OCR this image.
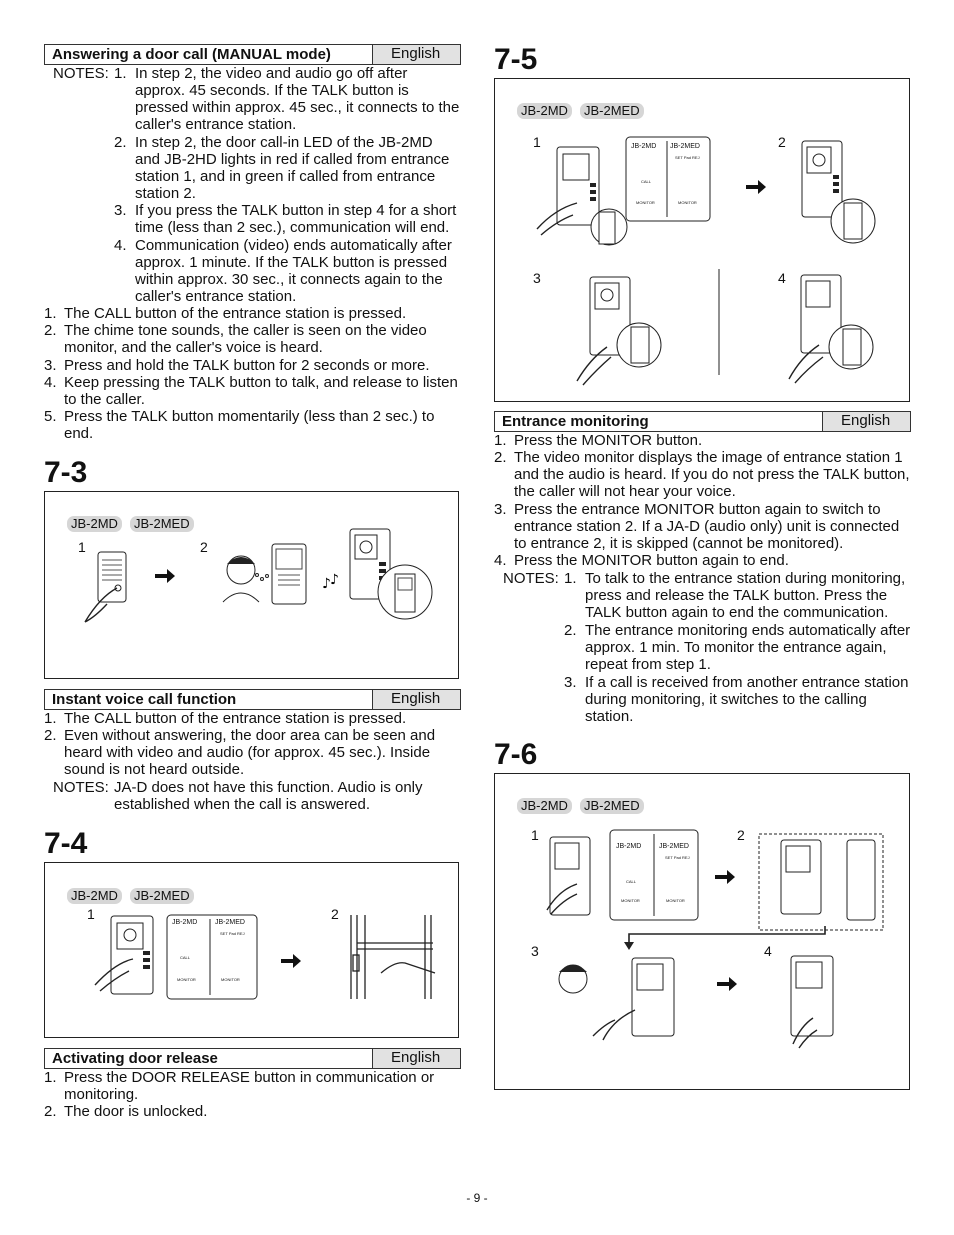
Answering a door call (MANUAL mode)	English
NOTES: 1. In step 2, the video and audio go off after approx. 45 seconds. If the TALK button is pressed within approx. 45 sec., it connects to the caller's entrance station.
2. In step 2, the door call-in LED of the JB-2MD and JB-2HD lights in red if called from entrance station 1, and in green if called from entrance station 2.
3. If you press the TALK button in step 4 for a short time (less than 2 sec.), communication will end.
4. Communication (video) ends automatically after approx. 1 minute. If the TALK button is pressed within approx. 30 sec., it connects again to the caller's entrance station.
1. The CALL button of the entrance station is pressed.
2. The chime tone sounds, the caller is seen on the video monitor, and the caller's voice is heard.
3. Press and hold the TALK button for 2 seconds or more.
4. Keep pressing the TALK button to talk, and release to listen to the caller.
5. Press the TALK button momentarily (less than 2 sec.) to end.
7-3
JB-2MD	JB-2MED
1	2
♪ ♪
Instant voice call function	English
1. The CALL button of the entrance station is pressed.
2. Even without answering, the door area can be seen and heard with video and audio (for approx. 45 sec.). Inside sound is not heard outside.
NOTES: JA-D does not have this function. Audio is only established when the call is answered.
7-4
JB-2MD	JB-2MED
1	2
JB-2MD	JB-2MED
SET Pad REJ
CALL
MONITOR	MONITOR
Activating door release	English
1. Press the DOOR RELEASE button in communication or monitoring.
2. The door is unlocked.
7-5
JB-2MD	JB-2MED
1	2
3	4
JB-2MD JB-2MED
SET Pad REJ
CALL
MONITOR	MONITOR
Entrance monitoring	English
1. Press the MONITOR button.
2. The video monitor displays the image of entrance station 1 and the audio is heard. If you do not press the TALK button, the caller will not hear your voice.
3. Press the entrance MONITOR button again to switch to entrance station 2. If a JA-D (audio only) unit is connected to entrance 2, it is skipped (cannot be monitored).
4. Press the MONITOR button again to end.
NOTES: 1. To talk to the entrance station during monitoring, press and release the TALK button. Press the TALK button again to end the communication.
2. The entrance monitoring ends automatically after approx. 1 min. To monitor the entrance again, repeat from step 1.
3. If a call is received from another entrance station during monitoring, it switches to the calling station.
7-6
JB-2MD	JB-2MED
1	2
3	4
JB-2MD	JB-2MED
SET Pad REJ
CALL
MONITOR	MONITOR
- 9 -
